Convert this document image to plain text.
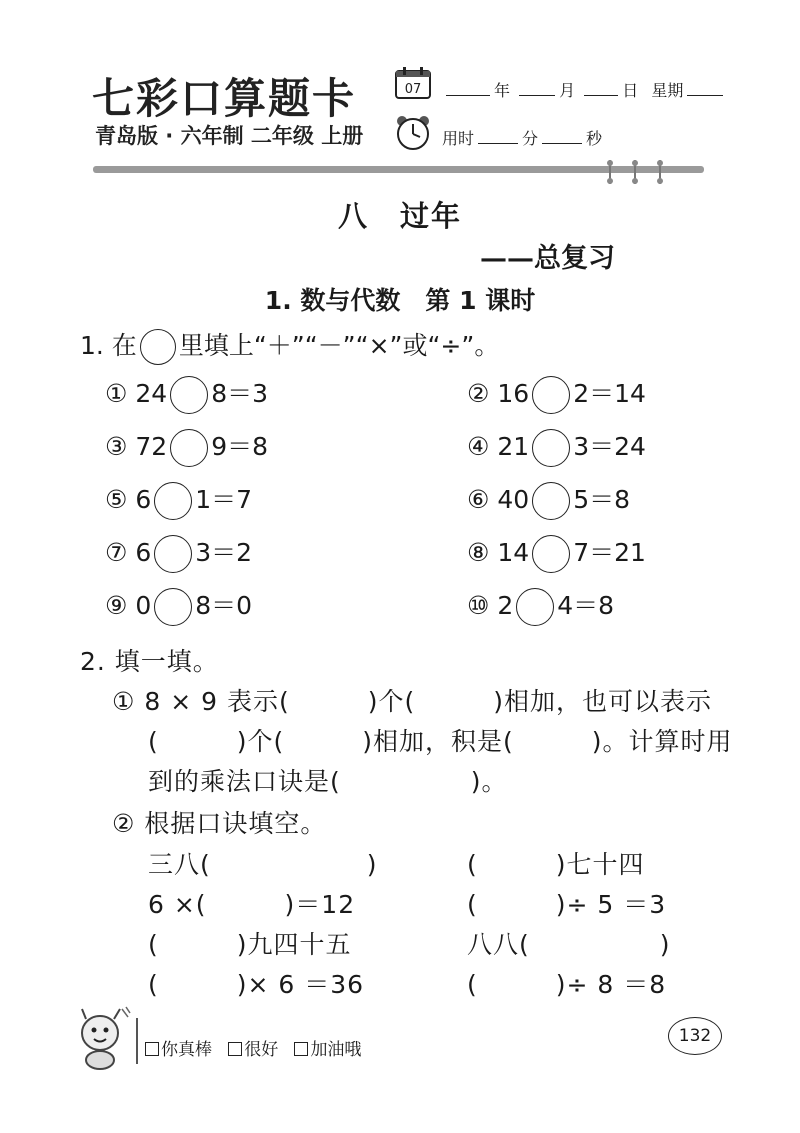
七彩口算题卡
青岛版 · 六年制 二年级 上册
07	年	月	日 星期
用时	分	秒
八　过年
——总复习
1. 数与代数　第 1 课时
1. 在 里填上“＋”“－”“×”或“÷”。
① 24 8＝3	② 16 2＝14
③ 72 9＝8	④ 21 3＝24
⑤ 6 1＝7	⑥ 40 5＝8
⑦ 6 3＝2	⑧ 14 7＝21
⑨ 0 8＝0	⑩ 2 4＝8
2. 填一填。
① 8 × 9 表示(　　　)个(　　　)相加，也可以表示
(　　　)个(　　　)相加，积是(　　　)。计算时用
到的乘法口诀是(　　　　　)。
② 根据口诀填空。
三八(　　　　　　)	(　　　)七十四
6 ×(　　　)＝12	(　　　)÷ 5 ＝3
(　　　)九四十五	八八(　　　　　)
(　　　)× 6 ＝36	(　　　)÷ 8 ＝8
你真棒 很好 加油哦
132
